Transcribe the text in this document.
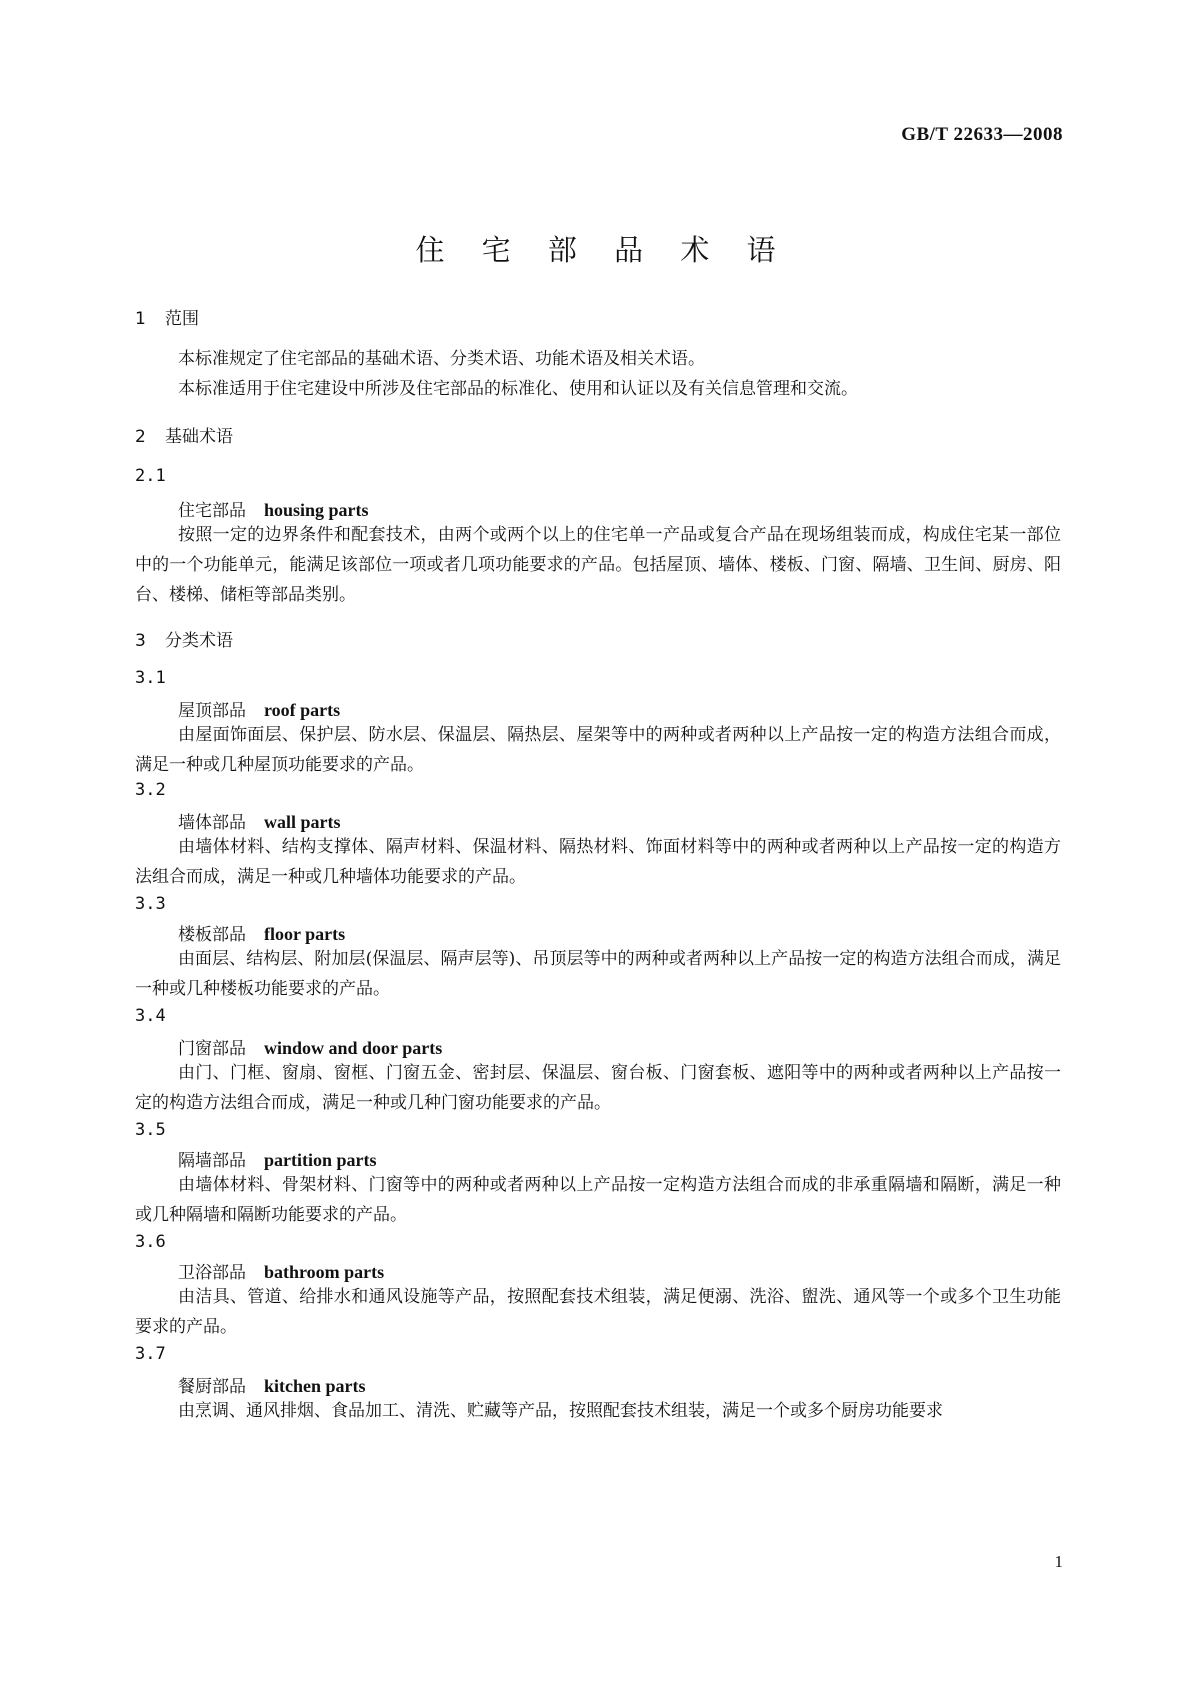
GB/T 22633—2008
住 宅 部 品 术 语
1 范围
本标准规定了住宅部品的基础术语、分类术语、功能术语及相关术语。
本标准适用于住宅建设中所涉及住宅部品的标准化、使用和认证以及有关信息管理和交流。
2 基础术语
2.1
住宅部品 housing parts
按照一定的边界条件和配套技术，由两个或两个以上的住宅单一产品或复合产品在现场组装而成，构成住宅某一部位中的一个功能单元，能满足该部位一项或者几项功能要求的产品。包括屋顶、墙体、楼板、门窗、隔墙、卫生间、厨房、阳台、楼梯、储柜等部品类别。
3 分类术语
3.1
屋顶部品 roof parts
由屋面饰面层、保护层、防水层、保温层、隔热层、屋架等中的两种或者两种以上产品按一定的构造方法组合而成，满足一种或几种屋顶功能要求的产品。
3.2
墙体部品 wall parts
由墙体材料、结构支撑体、隔声材料、保温材料、隔热材料、饰面材料等中的两种或者两种以上产品按一定的构造方法组合而成，满足一种或几种墙体功能要求的产品。
3.3
楼板部品 floor parts
由面层、结构层、附加层(保温层、隔声层等)、吊顶层等中的两种或者两种以上产品按一定的构造方法组合而成，满足一种或几种楼板功能要求的产品。
3.4
门窗部品 window and door parts
由门、门框、窗扇、窗框、门窗五金、密封层、保温层、窗台板、门窗套板、遮阳等中的两种或者两种以上产品按一定的构造方法组合而成，满足一种或几种门窗功能要求的产品。
3.5
隔墙部品 partition parts
由墙体材料、骨架材料、门窗等中的两种或者两种以上产品按一定构造方法组合而成的非承重隔墙和隔断，满足一种或几种隔墙和隔断功能要求的产品。
3.6
卫浴部品 bathroom parts
由洁具、管道、给排水和通风设施等产品，按照配套技术组装，满足便溺、洗浴、盥洗、通风等一个或多个卫生功能要求的产品。
3.7
餐厨部品 kitchen parts
由烹调、通风排烟、食品加工、清洗、贮藏等产品，按照配套技术组装，满足一个或多个厨房功能要求
1
